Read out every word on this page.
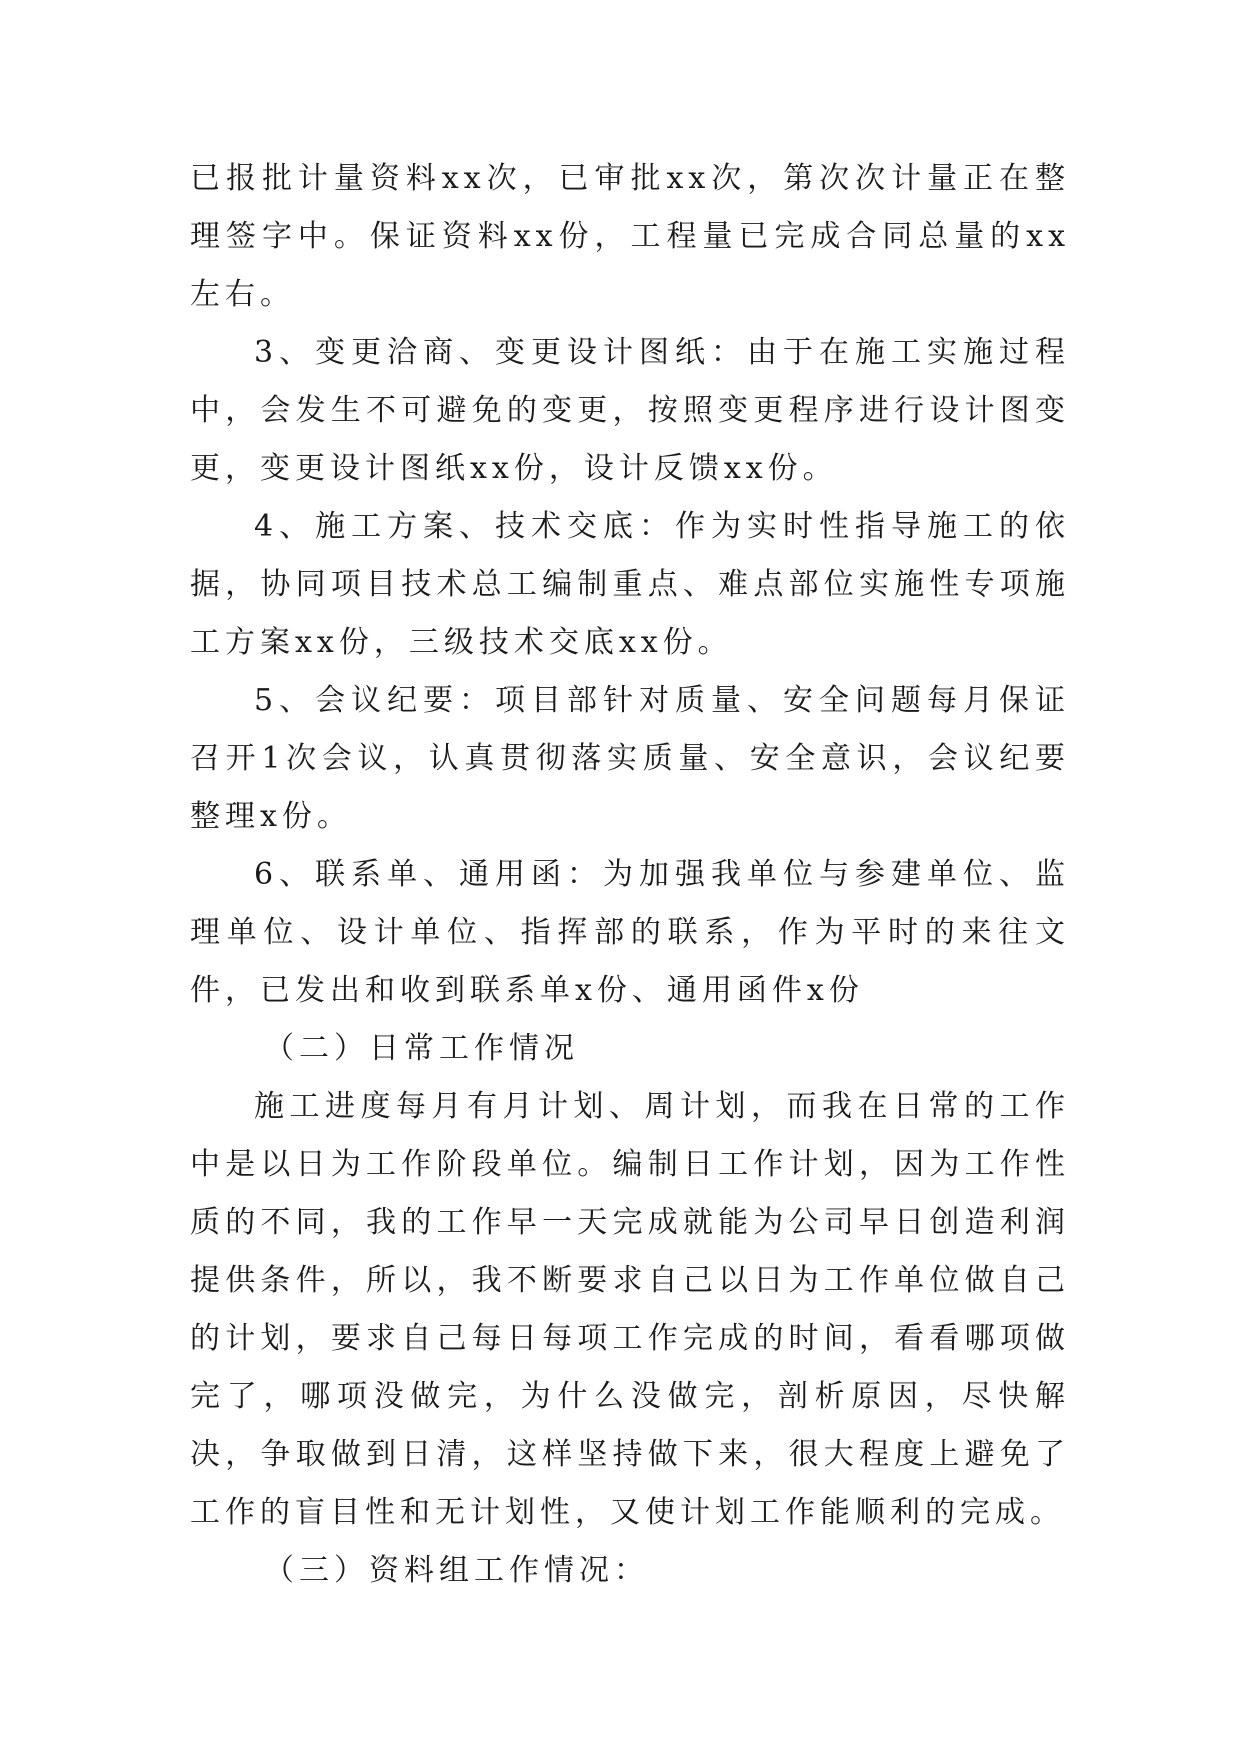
已报批计量资料xx次，已审批xx次，第次次计量正在整理签字中。保证资料xx份，工程量已完成合同总量的xx左右。

3、变更洽商、变更设计图纸：由于在施工实施过程中，会发生不可避免的变更，按照变更程序进行设计图变更，变更设计图纸xx份，设计反馈xx份。

4、施工方案、技术交底：作为实时性指导施工的依据，协同项目技术总工编制重点、难点部位实施性专项施工方案xx份，三级技术交底xx份。

5、会议纪要：项目部针对质量、安全问题每月保证召开1次会议，认真贯彻落实质量、安全意识，会议纪要整理x份。

6、联系单、通用函：为加强我单位与参建单位、监理单位、设计单位、指挥部的联系，作为平时的来往文件，已发出和收到联系单x份、通用函件x份

（二）日常工作情况

施工进度每月有月计划、周计划，而我在日常的工作中是以日为工作阶段单位。编制日工作计划，因为工作性质的不同，我的工作早一天完成就能为公司早日创造利润提供条件，所以，我不断要求自己以日为工作单位做自己的计划，要求自己每日每项工作完成的时间，看看哪项做完了，哪项没做完，为什么没做完，剖析原因，尽快解决，争取做到日清，这样坚持做下来，很大程度上避免了工作的盲目性和无计划性，又使计划工作能顺利的完成。

（三）资料组工作情况：
